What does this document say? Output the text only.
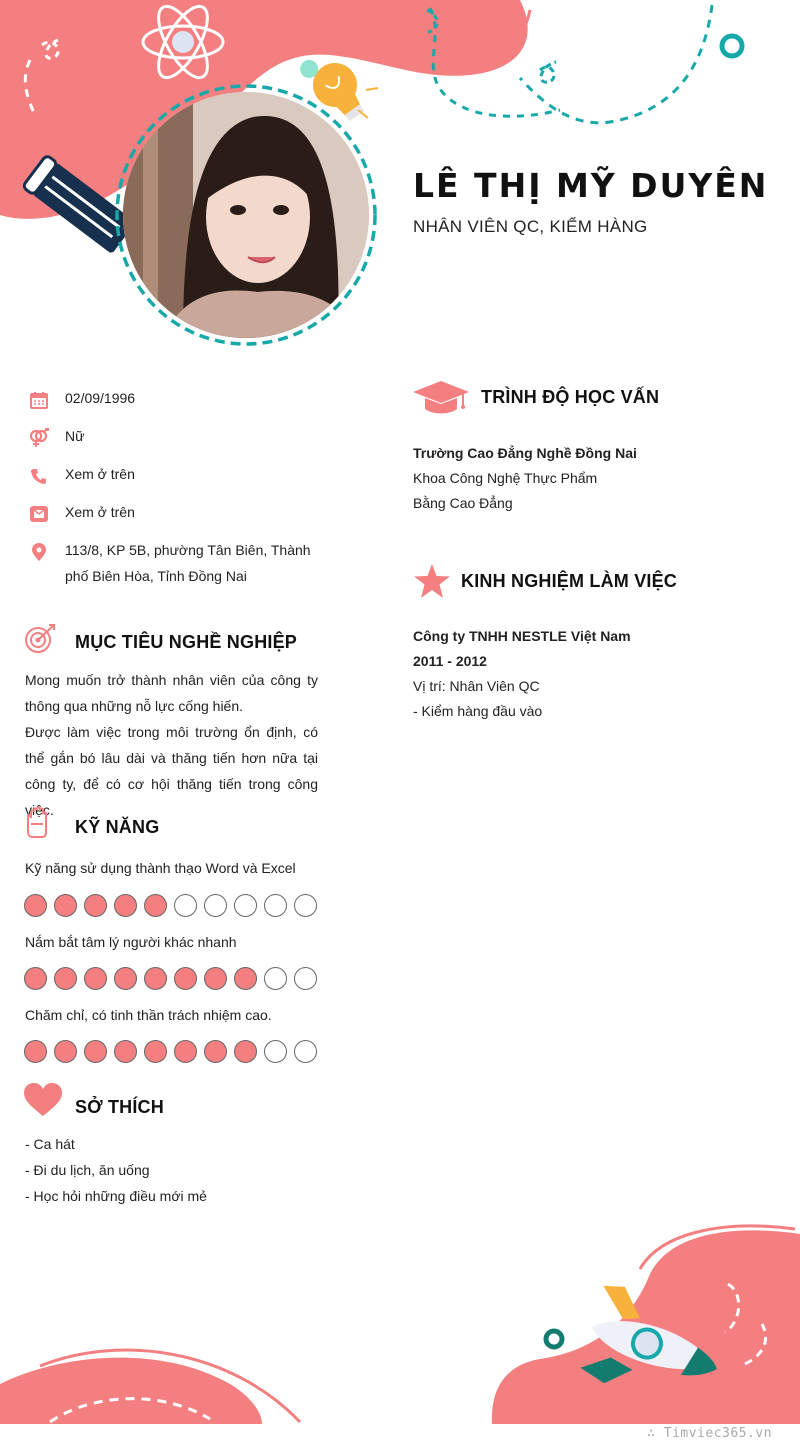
LÊ THỊ MỸ DUYÊN
NHÂN VIÊN QC, KIỂM HÀNG
02/09/1996
Nữ
Xem ở trên
Xem ở trên
113/8, KP 5B, phường Tân Biên, Thành phố Biên Hòa, Tỉnh Đồng Nai
MỤC TIÊU NGHỀ NGHIỆP
Mong muốn trở thành nhân viên của công ty thông qua những nỗ lực cống hiến.
Được làm việc trong môi trường ổn định, có thể gắn bó lâu dài và thăng tiến hơn nữa tại công ty, để có cơ hội thăng tiến trong công việc.
KỸ NĂNG
Kỹ năng sử dụng thành thạo Word và Excel
Nắm bắt tâm lý người khác nhanh
Chăm chỉ, có tinh thần trách nhiệm cao.
SỞ THÍCH
- Ca hát
- Đi du lịch, ăn uống
- Học hỏi những điều mới mẻ
TRÌNH ĐỘ HỌC VẤN
Trường Cao Đẳng Nghề Đồng Nai
Khoa Công Nghệ Thực Phẩm
Bằng Cao Đẳng
KINH NGHIỆM LÀM VIỆC
Công ty TNHH NESTLE Việt Nam
2011 - 2012
Vị trí: Nhân Viên QC
- Kiểm hàng đầu vào
∴ Timviec365.vn
